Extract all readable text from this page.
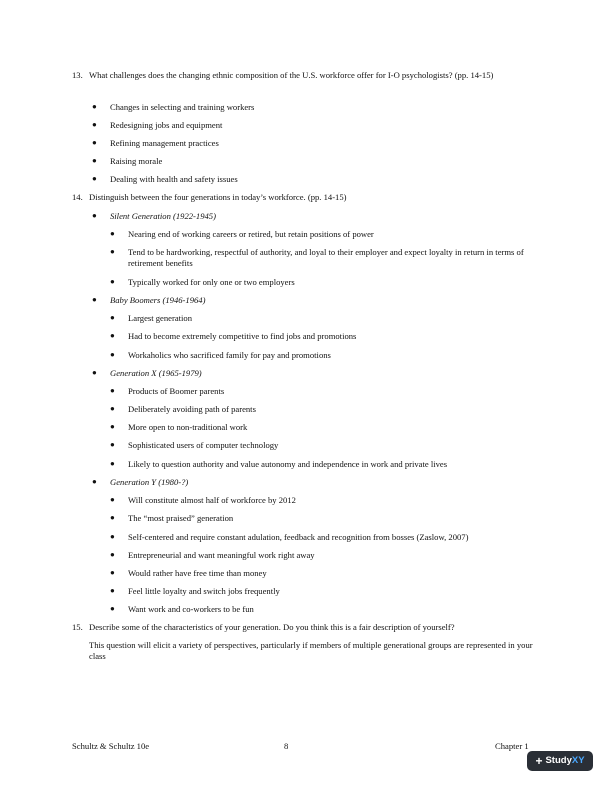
13. What challenges does the changing ethnic composition of the U.S. workforce offer for I-O psychologists? (pp. 14-15)
●	Changes in selecting and training workers
●	Redesigning jobs and equipment
●	Refining management practices
●	Raising morale
●	Dealing with health and safety issues
14. Distinguish between the four generations in today’s workforce. (pp. 14-15)
●	Silent Generation (1922-1945)
●	Nearing end of working careers or retired, but retain positions of power
●	Tend to be hardworking, respectful of authority, and loyal to their employer and expect loyalty in return in terms of retirement benefits
●	Typically worked for only one or two employers
●	Baby Boomers (1946-1964)
●	Largest generation
●	Had to become extremely competitive to find jobs and promotions
●	Workaholics who sacrificed family for pay and promotions
●	Generation X (1965-1979)
●	Products of Boomer parents
●	Deliberately avoiding path of parents
●	More open to non-traditional work
●	Sophisticated users of computer technology
●	Likely to question authority and value autonomy and independence in work and private lives
●	Generation Y (1980-?)
●	Will constitute almost half of workforce by 2012
●	The “most praised” generation
●	Self-centered and require constant adulation, feedback and recognition from bosses (Zaslow, 2007)
●	Entrepreneurial and want meaningful work right away
●	Would rather have free time than money
●	Feel little loyalty and switch jobs frequently
●	Want work and co-workers to be fun
15. Describe some of the characteristics of your generation. Do you think this is a fair description of yourself?
This question will elicit a variety of perspectives, particularly if members of multiple generational groups are represented in your class
Schultz & Schultz 10e	8	Chapter 1
+ Study XY
